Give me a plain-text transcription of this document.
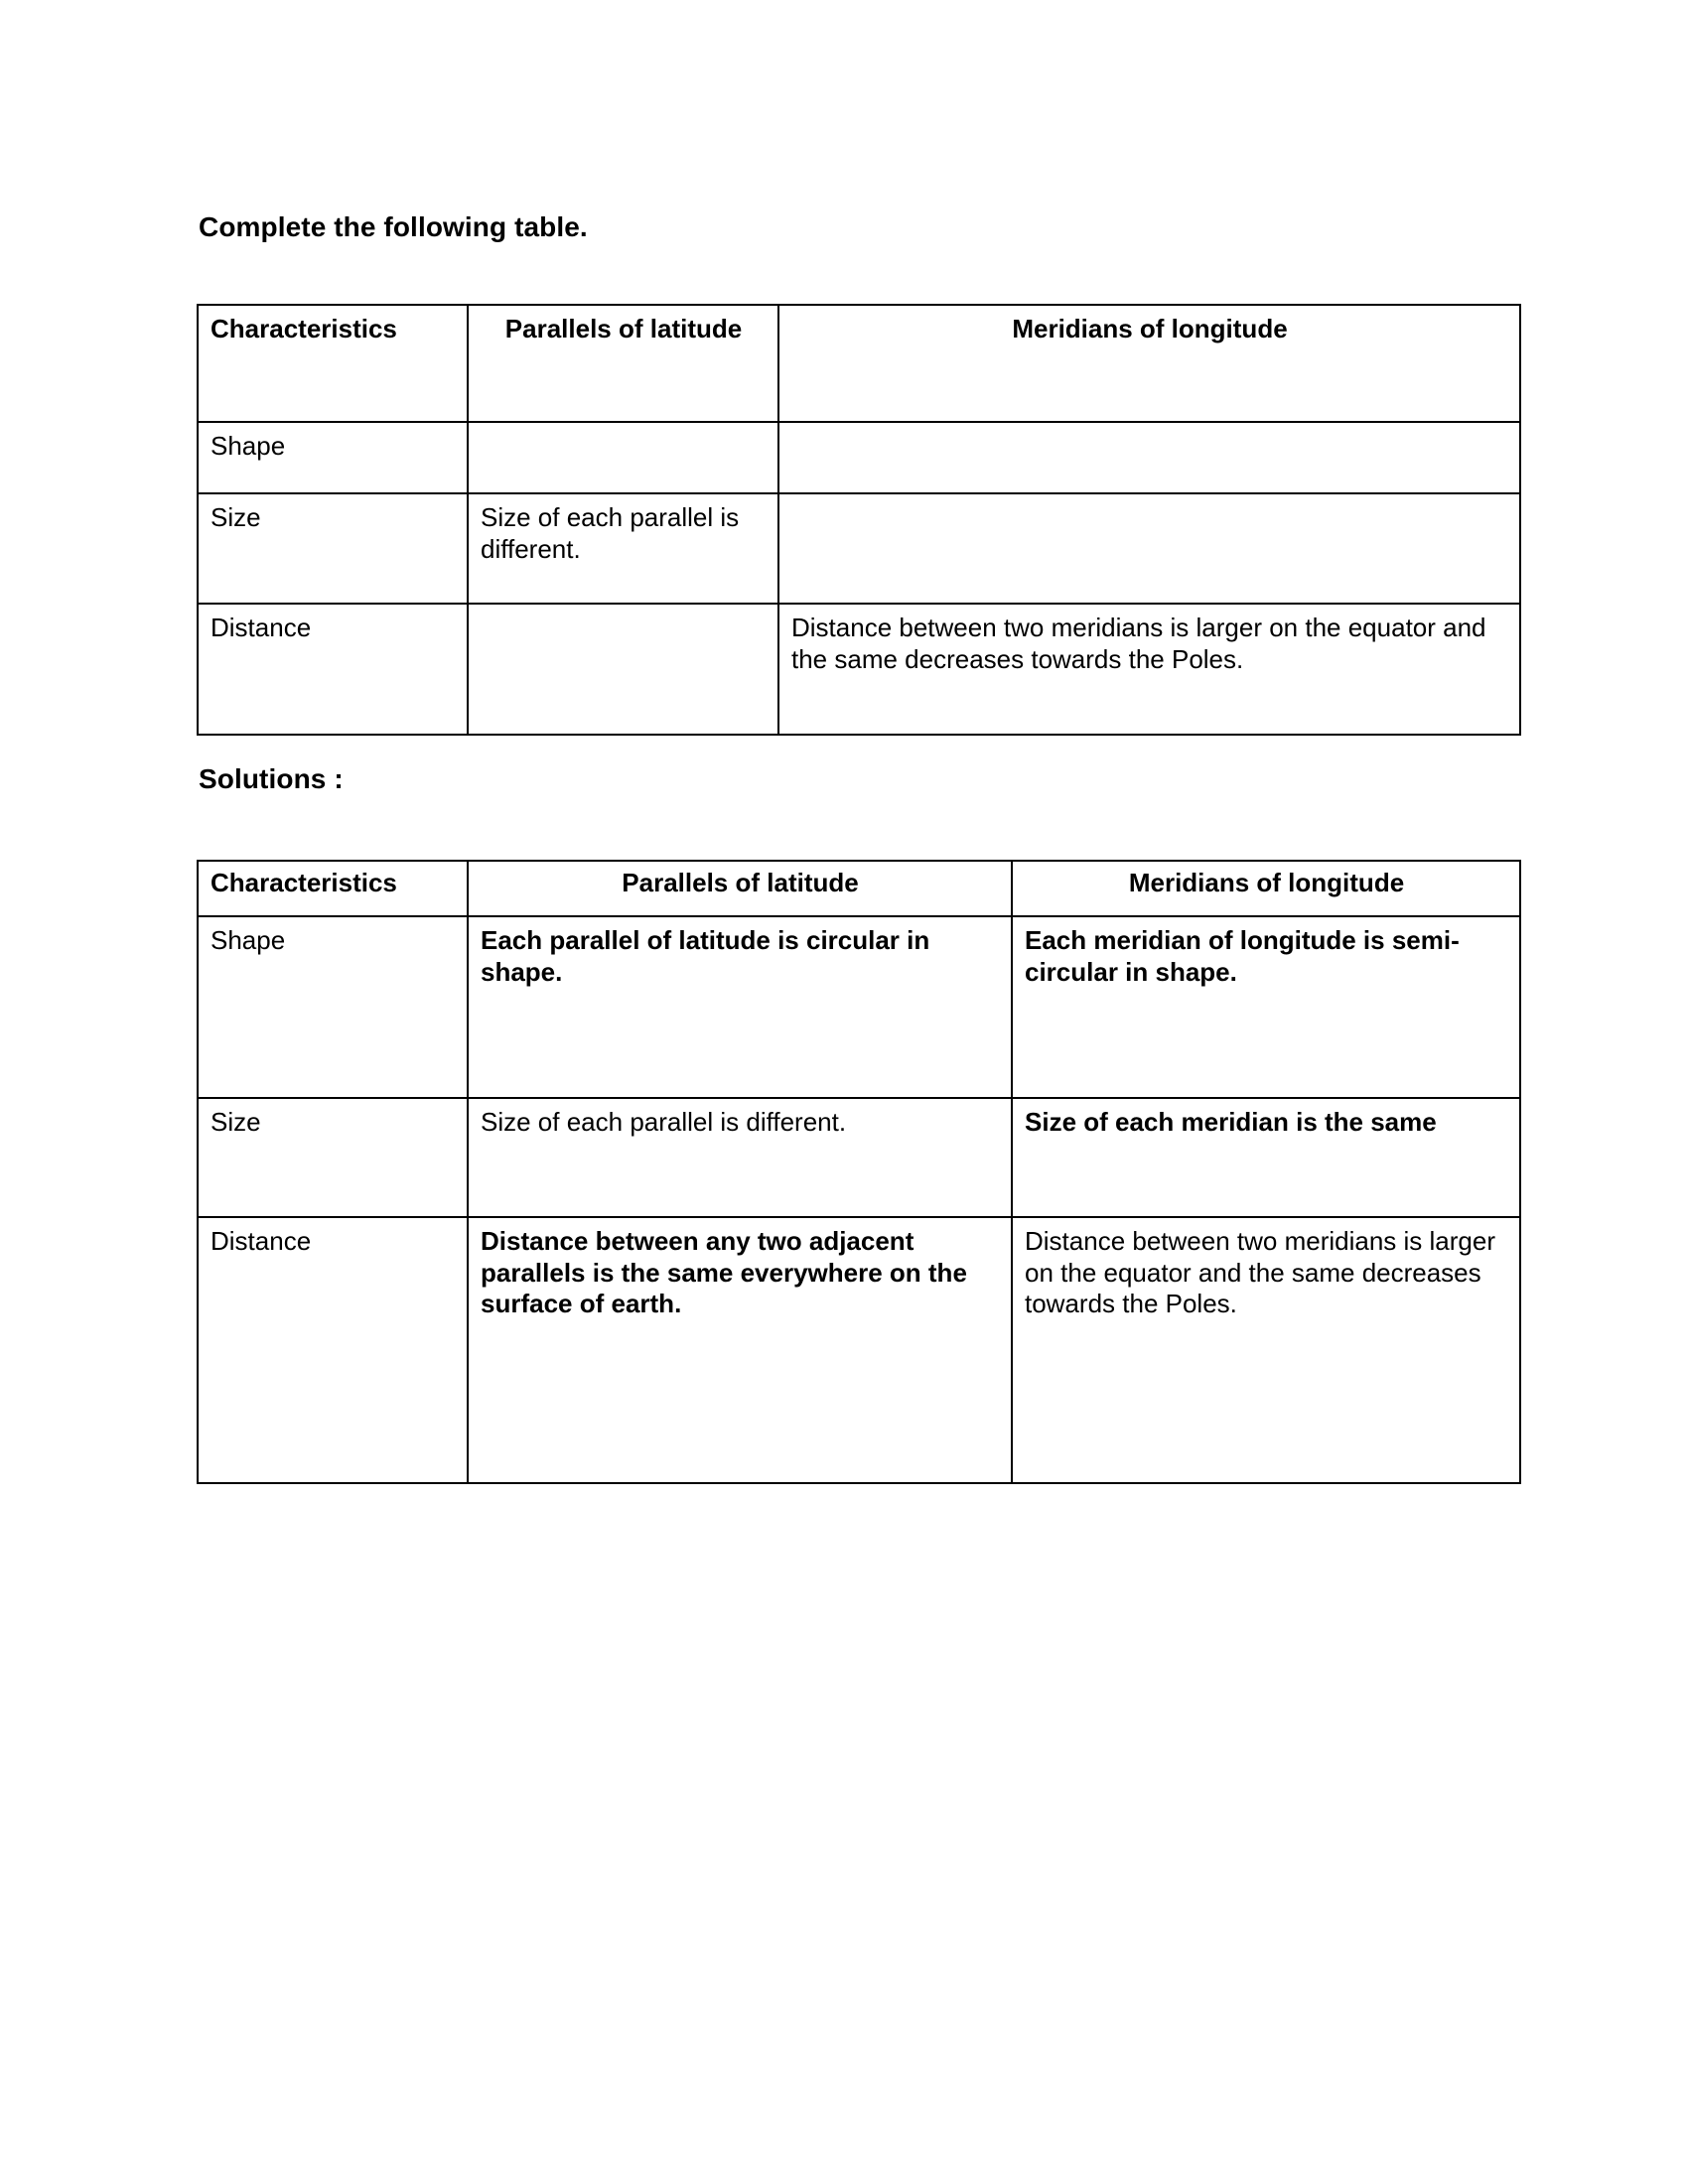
Complete the following table.
Characteristics	Parallels of latitude	Meridians of longitude
Shape		
Size	Size of each parallel is different.	
Distance		Distance between two meridians is larger on the equator and the same decreases towards the Poles.
Solutions :
Characteristics	Parallels of latitude	Meridians of longitude
Shape	Each parallel of latitude is circular in shape.	Each meridian of longitude is semi-circular in shape.
Size	Size of each parallel is different.	Size of each meridian is the same
Distance	Distance between any two adjacent parallels is the same everywhere on the surface of earth.	Distance between two meridians is larger on the equator and the same decreases towards the Poles.
